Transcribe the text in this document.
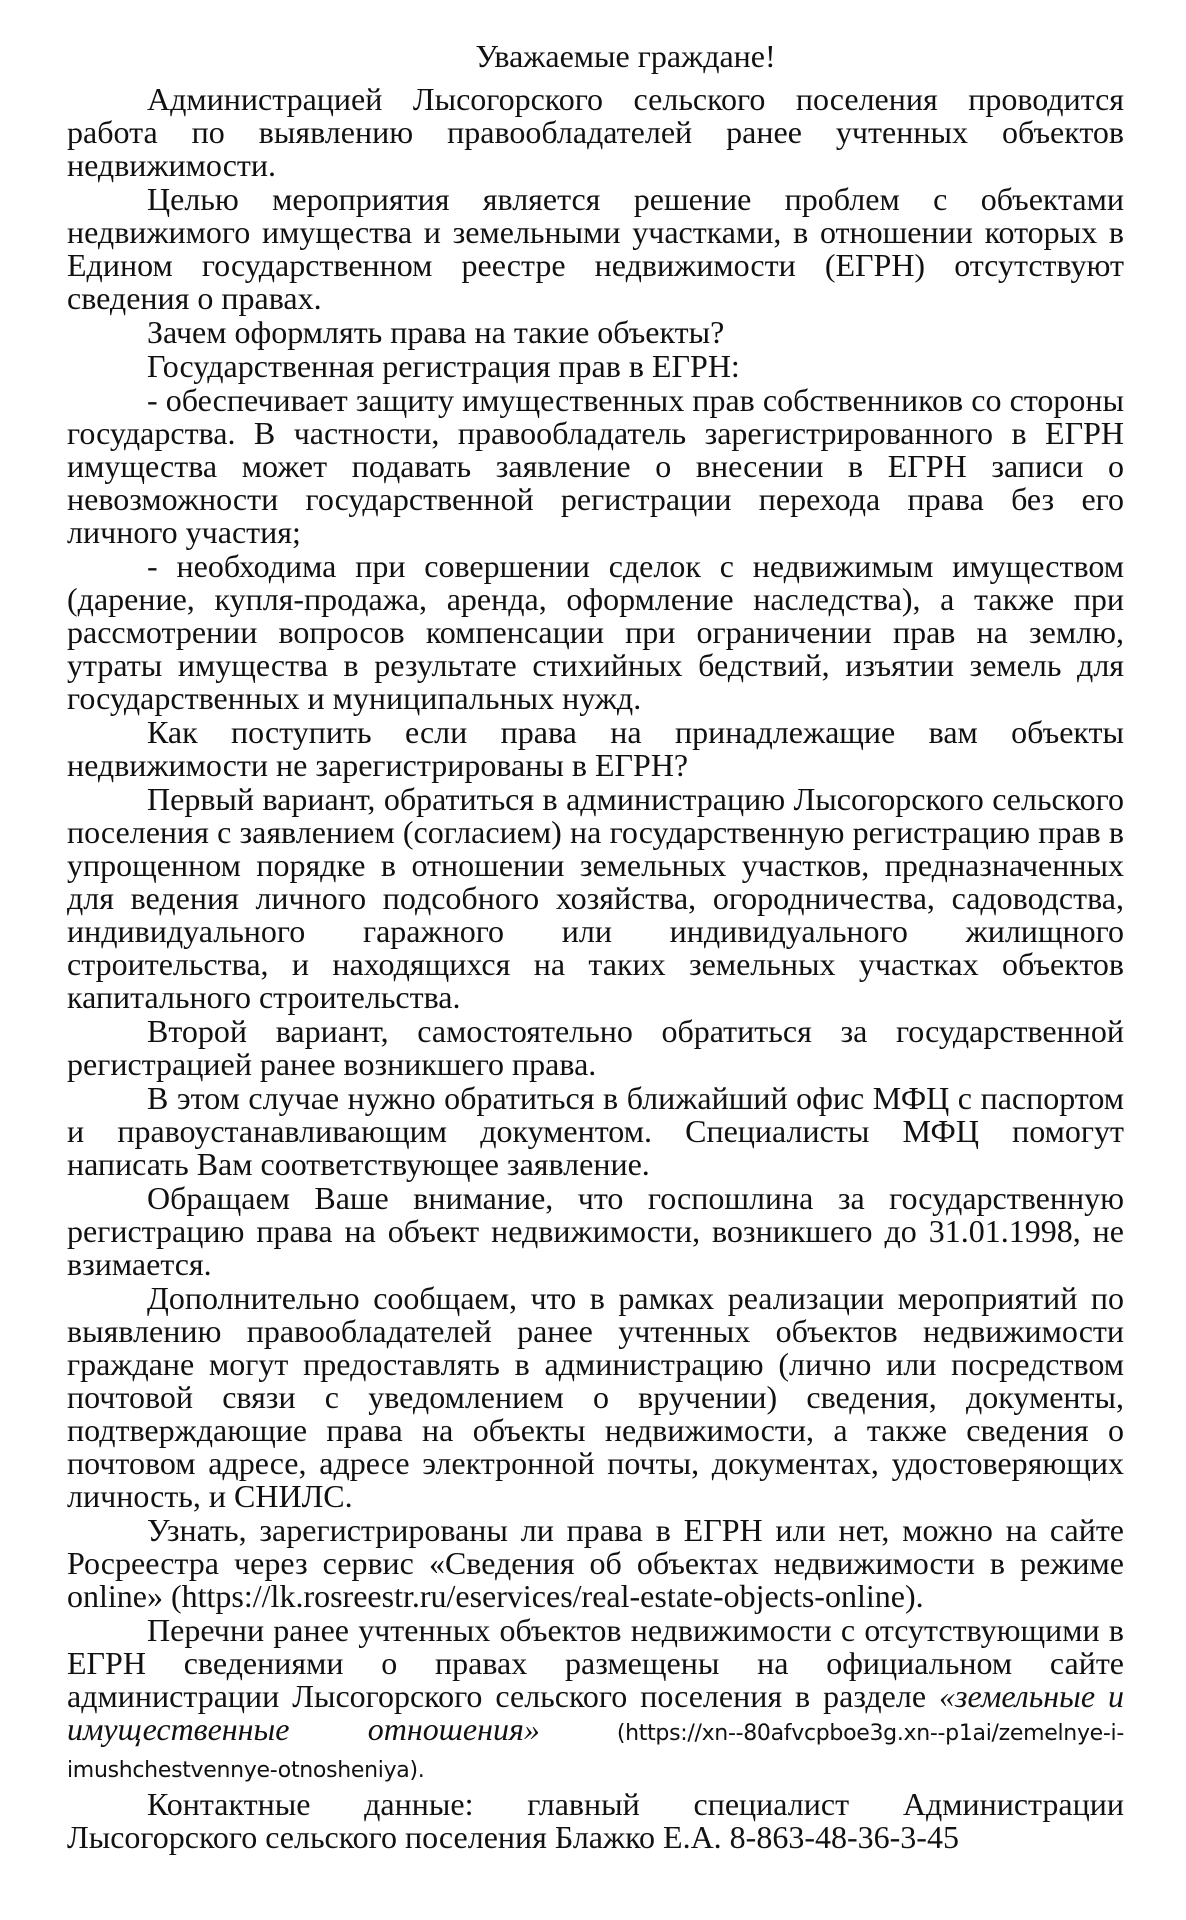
Уважаемые граждане!

Администрацией Лысогорского сельского поселения проводится работа по выявлению правообладателей ранее учтенных объектов недвижимости.

Целью мероприятия является решение проблем с объектами недвижимого имущества и земельными участками, в отношении которых в Едином государственном реестре недвижимости (ЕГРН) отсутствуют сведения о правах.

Зачем оформлять права на такие объекты?

Государственная регистрация прав в ЕГРН:

- обеспечивает защиту имущественных прав собственников со стороны государства. В частности, правообладатель зарегистрированного в ЕГРН имущества может подавать заявление о внесении в ЕГРН записи о невозможности государственной регистрации перехода права без его личного участия;

- необходима при совершении сделок с недвижимым имуществом (дарение, купля-продажа, аренда, оформление наследства), а также при рассмотрении вопросов компенсации при ограничении прав на землю, утраты имущества в результате стихийных бедствий, изъятии земель для государственных и муниципальных нужд.

Как поступить если права на принадлежащие вам объекты недвижимости не зарегистрированы в ЕГРН?

Первый вариант, обратиться в администрацию Лысогорского сельского поселения с заявлением (согласием) на государственную регистрацию прав в упрощенном порядке в отношении земельных участков, предназначенных для ведения личного подсобного хозяйства, огородничества, садоводства, индивидуального гаражного или индивидуального жилищного строительства, и находящихся на таких земельных участках объектов капитального строительства.

Второй вариант, самостоятельно обратиться за государственной регистрацией ранее возникшего права.

В этом случае нужно обратиться в ближайший офис МФЦ с паспортом и правоустанавливающим документом. Специалисты МФЦ помогут написать Вам соответствующее заявление.

Обращаем Ваше внимание, что госпошлина за государственную регистрацию права на объект недвижимости, возникшего до 31.01.1998, не взимается.

Дополнительно сообщаем, что в рамках реализации мероприятий по выявлению правообладателей ранее учтенных объектов недвижимости граждане могут предоставлять в администрацию (лично или посредством почтовой связи с уведомлением о вручении) сведения, документы, подтверждающие права на объекты недвижимости, а также сведения о почтовом адресе, адресе электронной почты, документах, удостоверяющих личность, и СНИЛС.

Узнать, зарегистрированы ли права в ЕГРН или нет, можно на сайте Росреестра через сервис «Сведения об объектах недвижимости в режиме online» (https://lk.rosreestr.ru/eservices/real-estate-objects-online).

Перечни ранее учтенных объектов недвижимости с отсутствующими в ЕГРН сведениями о правах размещены на официальном сайте администрации Лысогорского сельского поселения в разделе «земельные и имущественные отношения» (https://xn--80afvcpboe3g.xn--p1ai/zemelnye-i-imushchestvennye-otnosheniya).

Контактные данные: главный специалист Администрации Лысогорского сельского поселения Блажко Е.А. 8-863-48-36-3-45
